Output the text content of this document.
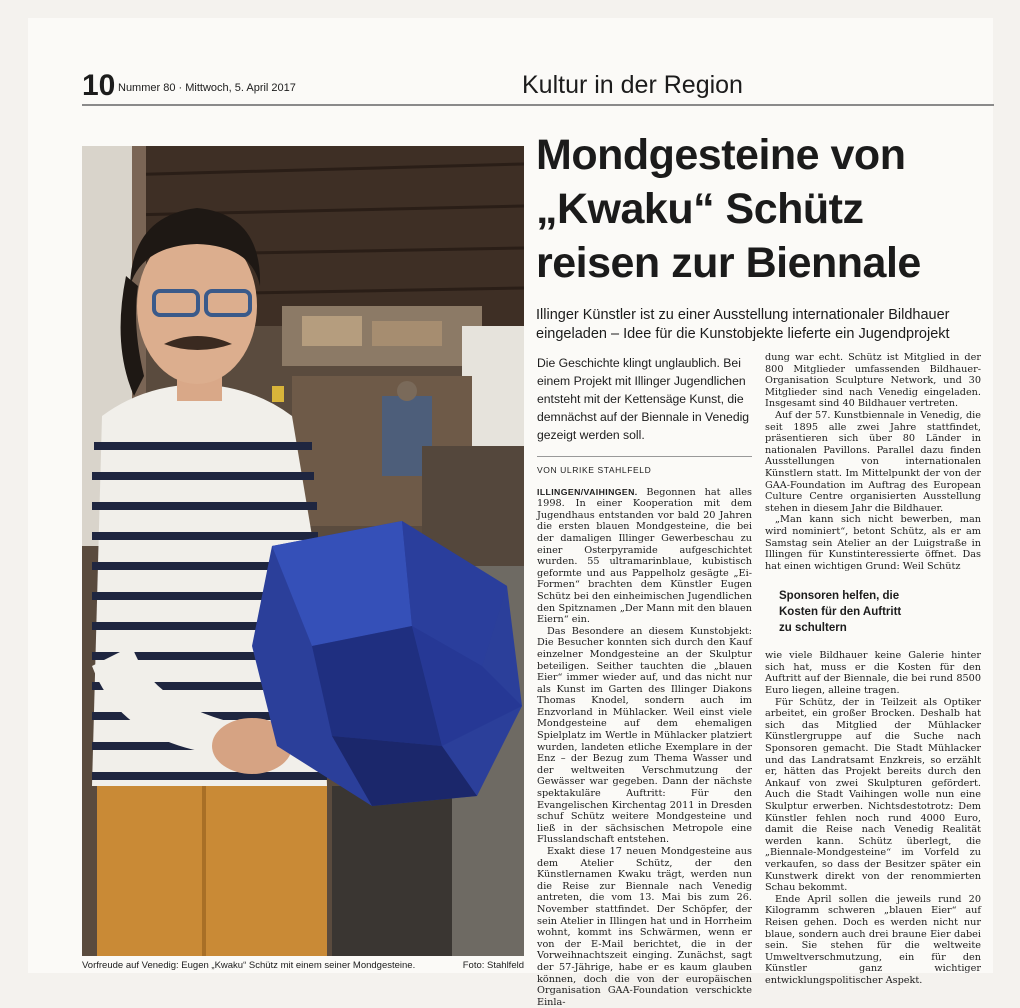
10 Nummer 80 · Mittwoch, 5. April 2017	Kultur in der Region
Vorfreude auf Venedig: Eugen „Kwaku“ Schütz mit einem seiner Mondgesteine.	Foto: Stahlfeld
Mondgesteine von
„Kwaku“ Schütz
reisen zur Biennale
Illinger Künstler ist zu einer Ausstellung internationaler Bildhauer
eingeladen – Idee für die Kunstobjekte lieferte ein Jugendprojekt
Die Geschichte klingt unglaublich. Bei einem Projekt mit Illinger Jugendlichen entsteht mit der Kettensäge Kunst, die demnächst auf der Biennale in Venedig gezeigt werden soll.
VON ULRIKE STAHLFELD

ILLINGEN/VAIHINGEN. Begonnen hat alles 1998. In einer Kooperation mit dem Jugendhaus entstanden vor bald 20 Jahren die ersten blauen Mondgesteine, die bei der damaligen Illinger Gewerbeschau zu einer Osterpyramide aufgeschichtet wurden. 55 ultramarinblaue, kubistisch geformte und aus Pappelholz gesägte „Ei-Formen“ brachten dem Künstler Eugen Schütz bei den einheimischen Jugendlichen den Spitznamen „Der Mann mit den blauen Eiern“ ein.

Das Besondere an diesem Kunstobjekt: Die Besucher konnten sich durch den Kauf einzelner Mondgesteine an der Skulptur beteiligen. Seither tauchten die „blauen Eier“ immer wieder auf, und das nicht nur als Kunst im Garten des Illinger Diakons Thomas Knodel, sondern auch im Enzvorland in Mühlacker. Weil einst viele Mondgesteine auf dem ehemaligen Spielplatz im Wertle in Mühlacker platziert wurden, landeten etliche Exemplare in der Enz – der Bezug zum Thema Wasser und der weltweiten Verschmutzung der Gewässer war gegeben. Dann der nächste spektakuläre Auftritt: Für den Evangelischen Kirchentag 2011 in Dresden schuf Schütz weitere Mondgesteine und ließ in der sächsischen Metropole eine Flusslandschaft entstehen.

Exakt diese 17 neuen Mondgesteine aus dem Atelier Schütz, der den Künstlernamen Kwaku trägt, werden nun die Reise zur Biennale nach Venedig antreten, die vom 13. Mai bis zum 26. November stattfindet. Der Schöpfer, der sein Atelier in Illingen hat und in Horrheim wohnt, kommt ins Schwärmen, wenn er von der E-Mail berichtet, die in der Vorweihnachtszeit einging. Zunächst, sagt der 57-Jährige, habe er es kaum glauben können, doch die von der europäischen Organisation GAA-Foundation verschickte Einla-

dung war echt. Schütz ist Mitglied in der 800 Mitglieder umfassenden Bildhauer-Organisation Sculpture Network, und 30 Mitglieder sind nach Venedig eingeladen. Insgesamt sind 40 Bildhauer vertreten.

Auf der 57. Kunstbiennale in Venedig, die seit 1895 alle zwei Jahre stattfindet, präsentieren sich über 80 Länder in nationalen Pavillons. Parallel dazu finden Ausstellungen von internationalen Künstlern statt. Im Mittelpunkt der von der GAA-Foundation im Auftrag des European Culture Centre organisierten Ausstellung stehen in diesem Jahr die Bildhauer.

„Man kann sich nicht bewerben, man wird nominiert“, betont Schütz, als er am Samstag sein Atelier an der Luigstraße in Illingen für Kunstinteressierte öffnet. Das hat einen wichtigen Grund: Weil Schütz

Sponsoren helfen, die
Kosten für den Auftritt
zu schultern

wie viele Bildhauer keine Galerie hinter sich hat, muss er die Kosten für den Auftritt auf der Biennale, die bei rund 8500 Euro liegen, alleine tragen.

Für Schütz, der in Teilzeit als Optiker arbeitet, ein großer Brocken. Deshalb hat sich das Mitglied der Mühlacker Künstlergruppe auf die Suche nach Sponsoren gemacht. Die Stadt Mühlacker und das Landratsamt Enzkreis, so erzählt er, hätten das Projekt bereits durch den Ankauf von zwei Skulpturen gefördert. Auch die Stadt Vaihingen wolle nun eine Skulptur erwerben. Nichtsdestotrotz: Dem Künstler fehlen noch rund 4000 Euro, damit die Reise nach Venedig Realität werden kann. Schütz überlegt, die „Biennale-Mondgesteine“ im Vorfeld zu verkaufen, so dass der Besitzer später ein Kunstwerk direkt von der renommierten Schau bekommt.

Ende April sollen die jeweils rund 20 Kilogramm schweren „blauen Eier“ auf Reisen gehen. Doch es werden nicht nur blaue, sondern auch drei braune Eier dabei sein. Sie stehen für die weltweite Umweltverschmutzung, ein für den Künstler ganz wichtiger entwicklungspolitischer Aspekt.
